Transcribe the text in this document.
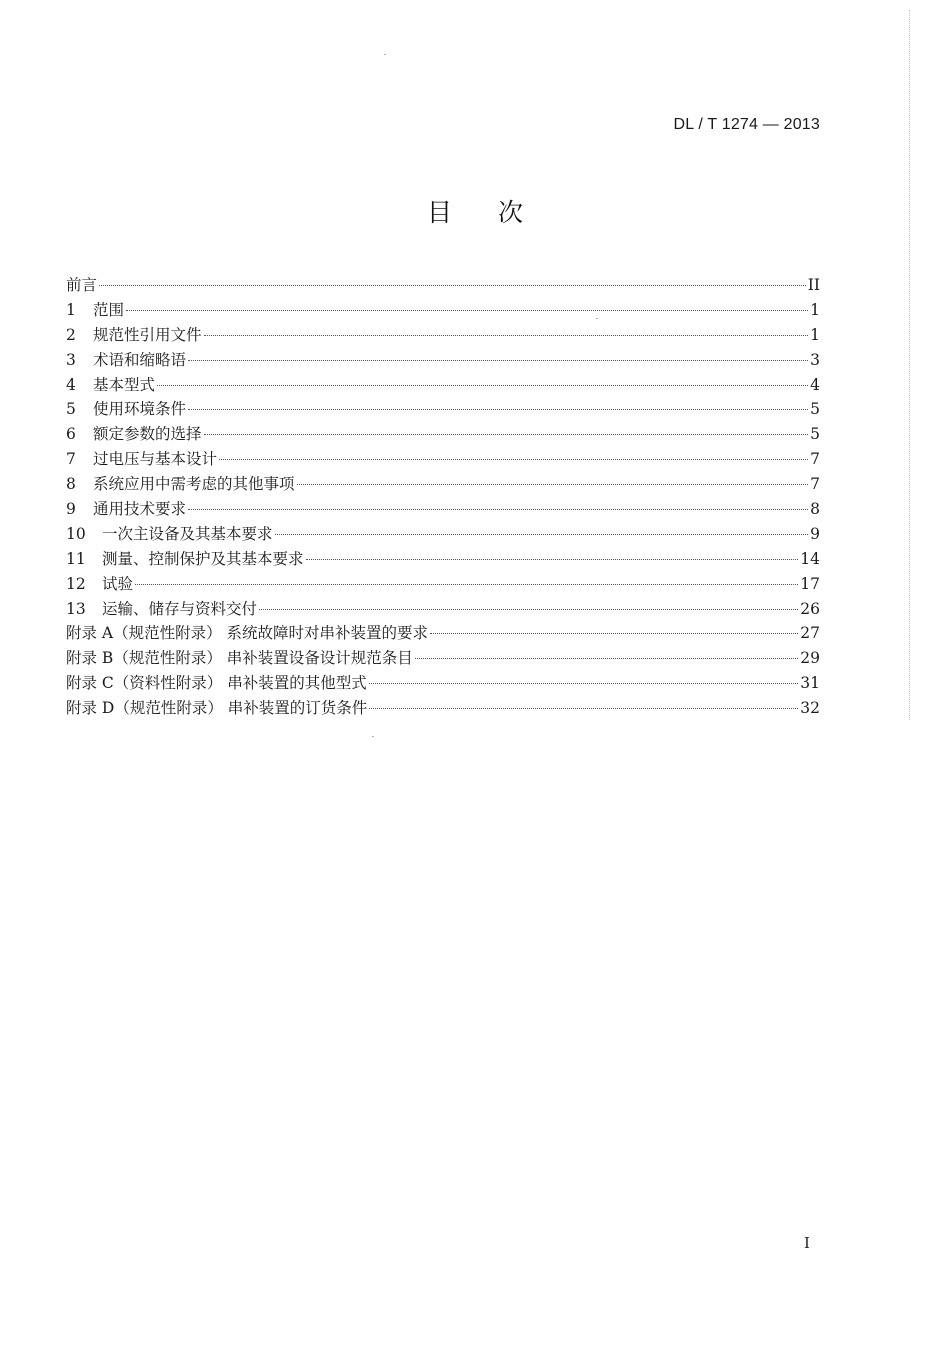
DL / T 1274 — 2013
目次
前言	II
1	范围	1
2	规范性引用文件	1
3	术语和缩略语	3
4	基本型式	4
5	使用环境条件	5
6	额定参数的选择	5
7	过电压与基本设计	7
8	系统应用中需考虑的其他事项	7
9	通用技术要求	8
10	一次主设备及其基本要求	9
11	测量、控制保护及其基本要求	14
12	试验	17
13	运输、储存与资料交付	26
附录 A（规范性附录） 系统故障时对串补装置的要求	27
附录 B（规范性附录） 串补装置设备设计规范条目	29
附录 C（资料性附录） 串补装置的其他型式	31
附录 D（规范性附录） 串补装置的订货条件	32
I
